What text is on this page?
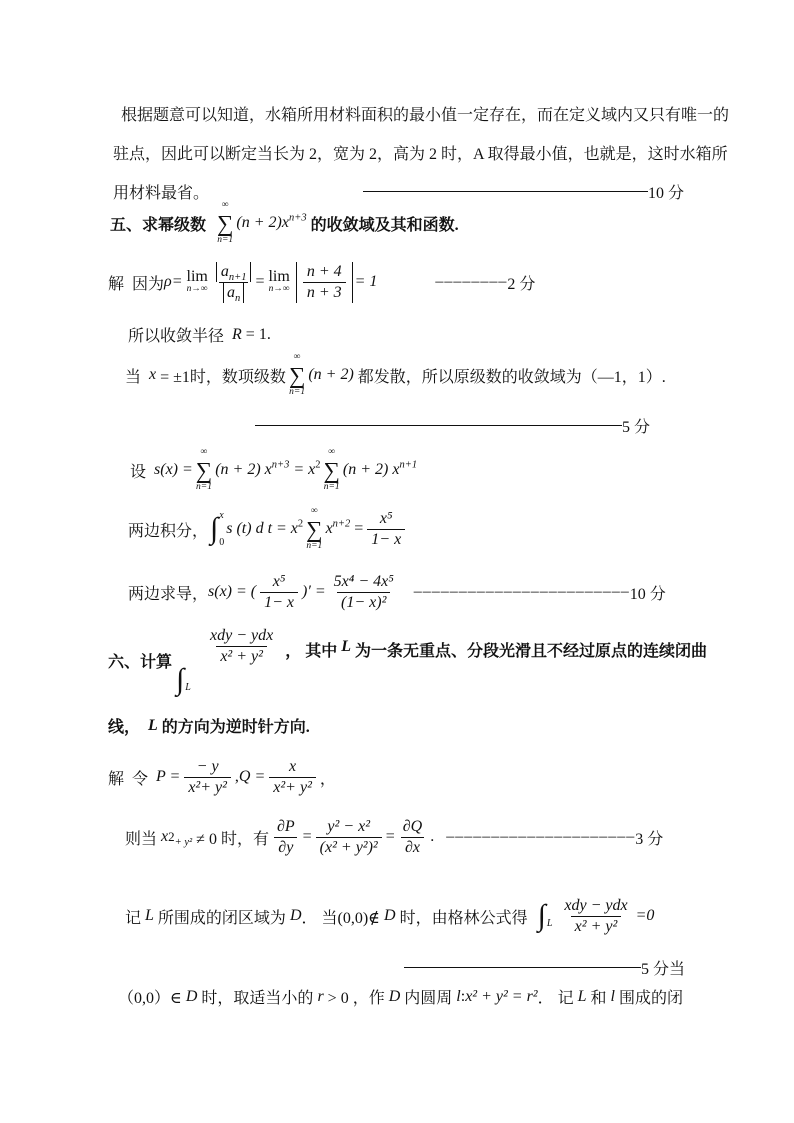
根据题意可以知道，水箱所用材料面积的最小值一定存在，而在定义域内又只有唯一的
驻点，因此可以断定当长为 2，宽为 2，高为 2 时，A 取得最小值，也就是，这时水箱所
用材料最省。	10 分
五、求幂级数
∞
∑
n=1
$(n + 2)x^{n+3}$ 的收敛域及其和函数.
解 因为 ρ= lim
$n\to\infty \frac{a_{n+1}}{a_n} = \lim$
$n\to\infty \frac{n + 4}{n + 3} = 1$	–––––––– 2 分
所以收敛半径 R = 1.
当 x = ±1时，数项级数
∞
∑
n=1
(n + 2) 都发散，所以原级数的收敛域为（—1，1）.
5 分
设 s(x) =
∞
∑
n=1
(n + 2) $x^{n+3} = x^2$
∞
∑
n=1
(n + 2) $x^{n+1}$
两边积分， ∫ x
0
s (t) d $t = x^2$
∞
∑
n=1
$x^{n+2} = \frac{\text{x⁵}}{1- x}$
两边求导， s(x) = ( $\frac{\text{x⁵}}{1- x}$ )′ = $\frac{\text{5x⁴ − 4x⁵}}{\text{(1− x)²}}$ –––––––––––––––––––––––– 10 分
六、计算 $\frac{\text{xdy − ydx}}{\text{x² + y²}}$
∫ L
， 其中 L 为一条无重点、分段光滑且不经过原点的连续闭曲
线， L 的方向为逆时针方向.
解 令 $P = \frac{- y}{\text{x²+ y²}}$ , $Q = \frac{x}{\text{x²+ y²}}$ ，
则当 $x2_{+ y^2} \ne 0$ 时，有 $\frac{\partial P}{\partial y} = \frac{\text{y² − x²}}{\text{(x² + y²)²}} = \frac{\partial Q}{\partial x}$ . ––––––––––––––––––––– 3 分
记 L 所围成的闭区域为 D ． 当(0,0)∉ D 时，由格林公式得 ∫ L $\frac{\text{xdy − ydx}}{\text{x² + y²}} =0$
5 分当
（0,0）∈ D 时，取适当小的 r > 0 ，作 D 内圆周 l : x² + y² = r² ． 记 L 和 l 围成的闭
